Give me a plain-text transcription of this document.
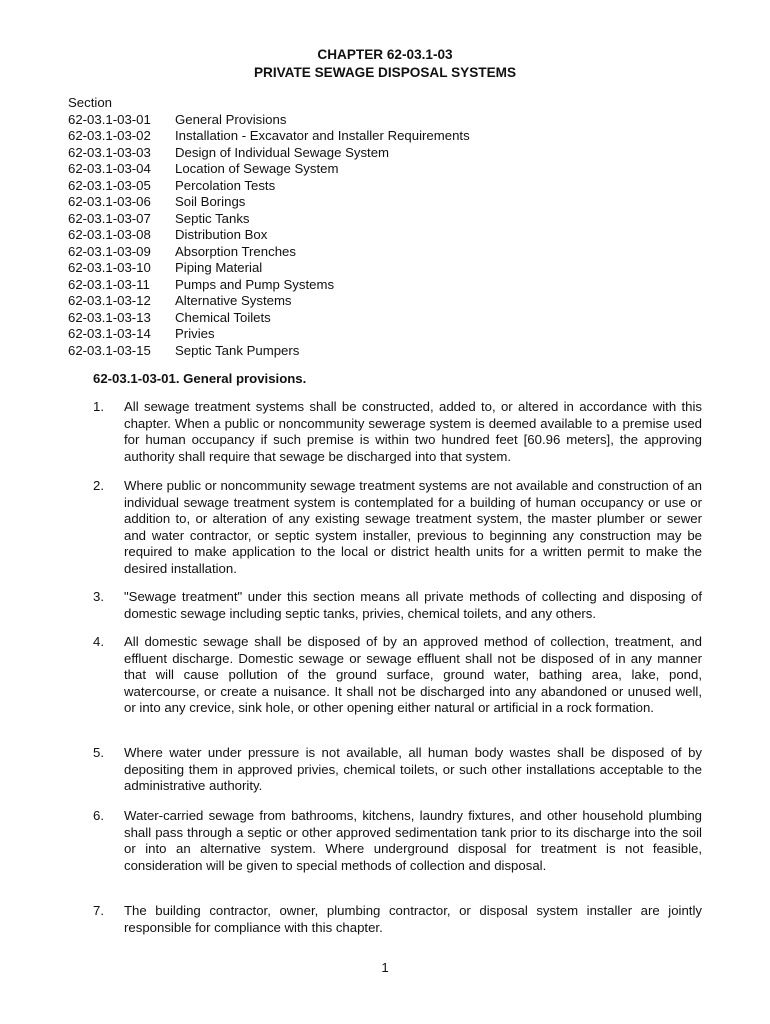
CHAPTER 62-03.1-03
PRIVATE SEWAGE DISPOSAL SYSTEMS
Section
62-03.1-03-01 General Provisions
62-03.1-03-02 Installation - Excavator and Installer Requirements
62-03.1-03-03 Design of Individual Sewage System
62-03.1-03-04 Location of Sewage System
62-03.1-03-05 Percolation Tests
62-03.1-03-06 Soil Borings
62-03.1-03-07 Septic Tanks
62-03.1-03-08 Distribution Box
62-03.1-03-09 Absorption Trenches
62-03.1-03-10 Piping Material
62-03.1-03-11 Pumps and Pump Systems
62-03.1-03-12 Alternative Systems
62-03.1-03-13 Chemical Toilets
62-03.1-03-14 Privies
62-03.1-03-15 Septic Tank Pumpers
62-03.1-03-01. General provisions.
1.	All sewage treatment systems shall be constructed, added to, or altered in accordance with this chapter. When a public or noncommunity sewerage system is deemed available to a premise used for human occupancy if such premise is within two hundred feet [60.96 meters], the approving authority shall require that sewage be discharged into that system.
2.	Where public or noncommunity sewage treatment systems are not available and construction of an individual sewage treatment system is contemplated for a building of human occupancy or use or addition to, or alteration of any existing sewage treatment system, the master plumber or sewer and water contractor, or septic system installer, previous to beginning any construction may be required to make application to the local or district health units for a written permit to make the desired installation.
3.	"Sewage treatment" under this section means all private methods of collecting and disposing of domestic sewage including septic tanks, privies, chemical toilets, and any others.
4.	All domestic sewage shall be disposed of by an approved method of collection, treatment, and effluent discharge. Domestic sewage or sewage effluent shall not be disposed of in any manner that will cause pollution of the ground surface, ground water, bathing area, lake, pond, watercourse, or create a nuisance. It shall not be discharged into any abandoned or unused well, or into any crevice, sink hole, or other opening either natural or artificial in a rock formation.
5.	Where water under pressure is not available, all human body wastes shall be disposed of by depositing them in approved privies, chemical toilets, or such other installations acceptable to the administrative authority.
6.	Water-carried sewage from bathrooms, kitchens, laundry fixtures, and other household plumbing shall pass through a septic or other approved sedimentation tank prior to its discharge into the soil or into an alternative system. Where underground disposal for treatment is not feasible, consideration will be given to special methods of collection and disposal.
7.	The building contractor, owner, plumbing contractor, or disposal system installer are jointly responsible for compliance with this chapter.
1
